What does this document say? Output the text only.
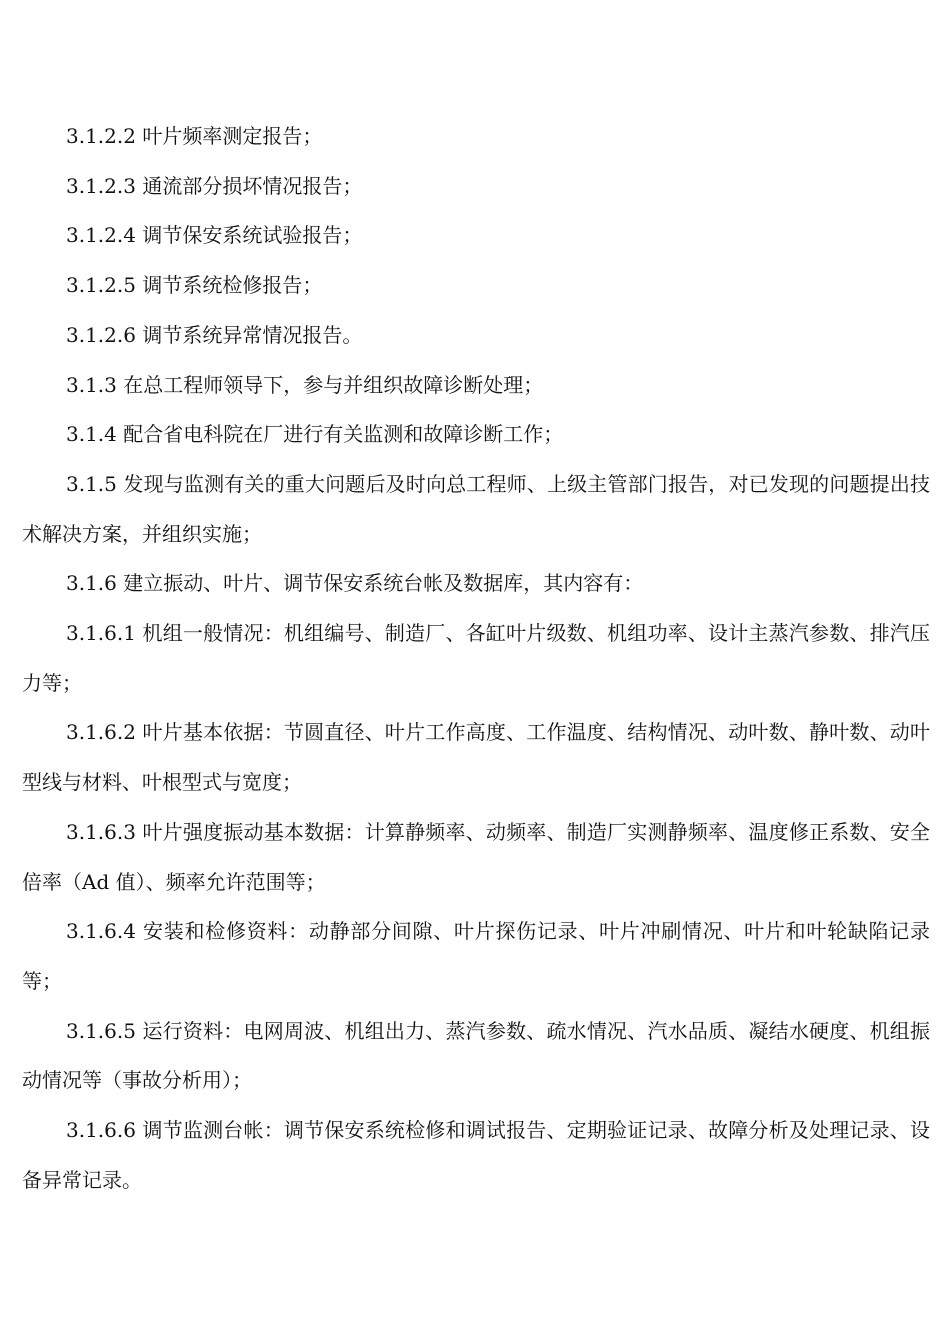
3.1.2.2 叶片频率测定报告；

3.1.2.3 通流部分损坏情况报告；

3.1.2.4 调节保安系统试验报告；

3.1.2.5 调节系统检修报告；

3.1.2.6 调节系统异常情况报告。

3.1.3 在总工程师领导下，参与并组织故障诊断处理；

3.1.4 配合省电科院在厂进行有关监测和故障诊断工作；

3.1.5 发现与监测有关的重大问题后及时向总工程师、上级主管部门报告，对已发现的问题提出技术解决方案，并组织实施；

3.1.6 建立振动、叶片、调节保安系统台帐及数据库，其内容有：

3.1.6.1 机组一般情况：机组编号、制造厂、各缸叶片级数、机组功率、设计主蒸汽参数、排汽压力等；

3.1.6.2 叶片基本依据：节圆直径、叶片工作高度、工作温度、结构情况、动叶数、静叶数、动叶型线与材料、叶根型式与宽度；

3.1.6.3 叶片强度振动基本数据：计算静频率、动频率、制造厂实测静频率、温度修正系数、安全倍率（Ad 值）、频率允许范围等；

3.1.6.4 安装和检修资料：动静部分间隙、叶片探伤记录、叶片冲刷情况、叶片和叶轮缺陷记录等；

3.1.6.5 运行资料：电网周波、机组出力、蒸汽参数、疏水情况、汽水品质、凝结水硬度、机组振动情况等（事故分析用）；

3.1.6.6 调节监测台帐：调节保安系统检修和调试报告、定期验证记录、故障分析及处理记录、设备异常记录。
